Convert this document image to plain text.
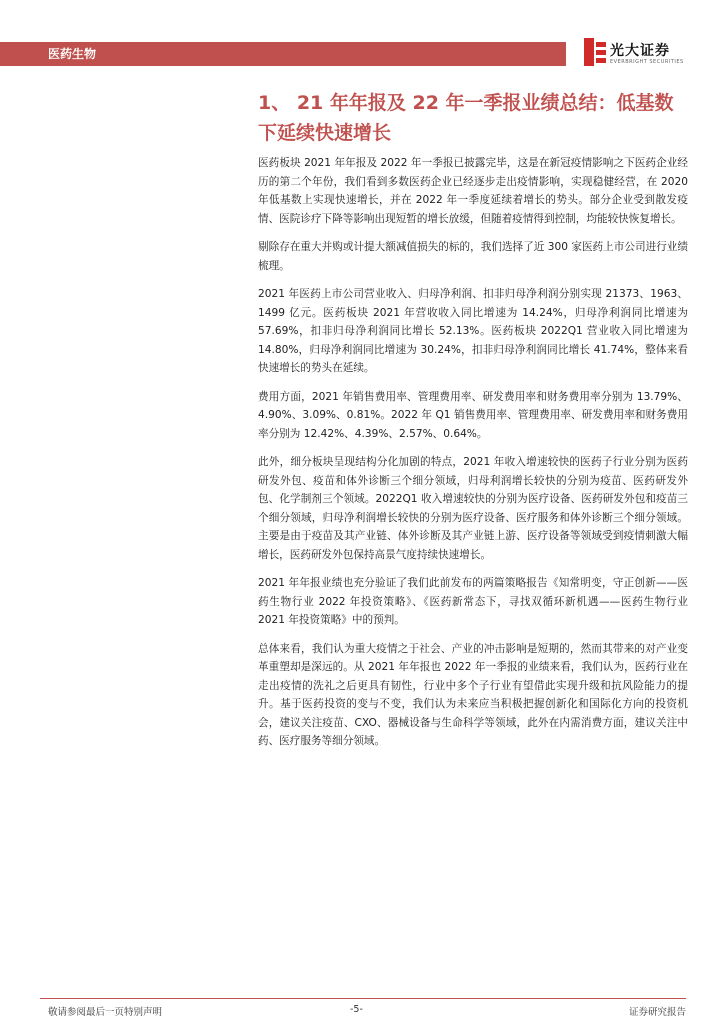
医药生物	光大证券
EVERBRIGHT SECURITIES
1、 21 年年报及 22 年一季报业绩总结：低基数下延续快速增长

医药板块 2021 年年报及 2022 年一季报已披露完毕，这是在新冠疫情影响之下医药企业经历的第二个年份，我们看到多数医药企业已经逐步走出疫情影响，实现稳健经营，在 2020 年低基数上实现快速增长，并在 2022 年一季度延续着增长的势头。部分企业受到散发疫情、医院诊疗下降等影响出现短暂的增长放缓，但随着疫情得到控制，均能较快恢复增长。

剔除存在重大并购或计提大额减值损失的标的，我们选择了近 300 家医药上市公司进行业绩梳理。

2021 年医药上市公司营业收入、归母净利润、扣非归母净利润分别实现 21373、1963、1499 亿元。医药板块 2021 年营收收入同比增速为 14.24%，归母净利润同比增速为 57.69%，扣非归母净利润同比增长 52.13%。医药板块 2022Q1 营业收入同比增速为 14.80%，归母净利润同比增速为 30.24%，扣非归母净利润同比增长 41.74%，整体来看快速增长的势头在延续。

费用方面，2021 年销售费用率、管理费用率、研发费用率和财务费用率分别为 13.79%、4.90%、3.09%、0.81%。2022 年 Q1 销售费用率、管理费用率、研发费用率和财务费用率分别为 12.42%、4.39%、2.57%、0.64%。

此外，细分板块呈现结构分化加剧的特点，2021 年收入增速较快的医药子行业分别为医药研发外包、疫苗和体外诊断三个细分领域，归母利润增长较快的分别为疫苗、医药研发外包、化学制剂三个领域。2022Q1 收入增速较快的分别为医疗设备、医药研发外包和疫苗三个细分领域，归母净利润增长较快的分别为医疗设备、医疗服务和体外诊断三个细分领域。主要是由于疫苗及其产业链、体外诊断及其产业链上游、医疗设备等领域受到疫情刺激大幅增长，医药研发外包保持高景气度持续快速增长。

2021 年年报业绩也充分验证了我们此前发布的两篇策略报告《知常明变，守正创新——医药生物行业 2022 年投资策略》、《医药新常态下，寻找双循环新机遇——医药生物行业 2021 年投资策略》中的预判。

总体来看，我们认为重大疫情之于社会、产业的冲击影响是短期的，然而其带来的对产业变革重塑却是深远的。从 2021 年年报也 2022 年一季报的业绩来看，我们认为，医药行业在走出疫情的洗礼之后更具有韧性，行业中多个子行业有望借此实现升级和抗风险能力的提升。基于医药投资的变与不变，我们认为未来应当积极把握创新化和国际化方向的投资机会，建议关注疫苗、CXO、器械设备与生命科学等领域，此外在内需消费方面，建议关注中药、医疗服务等细分领域。

敬请参阅最后一页特别声明	-5-	证券研究报告
